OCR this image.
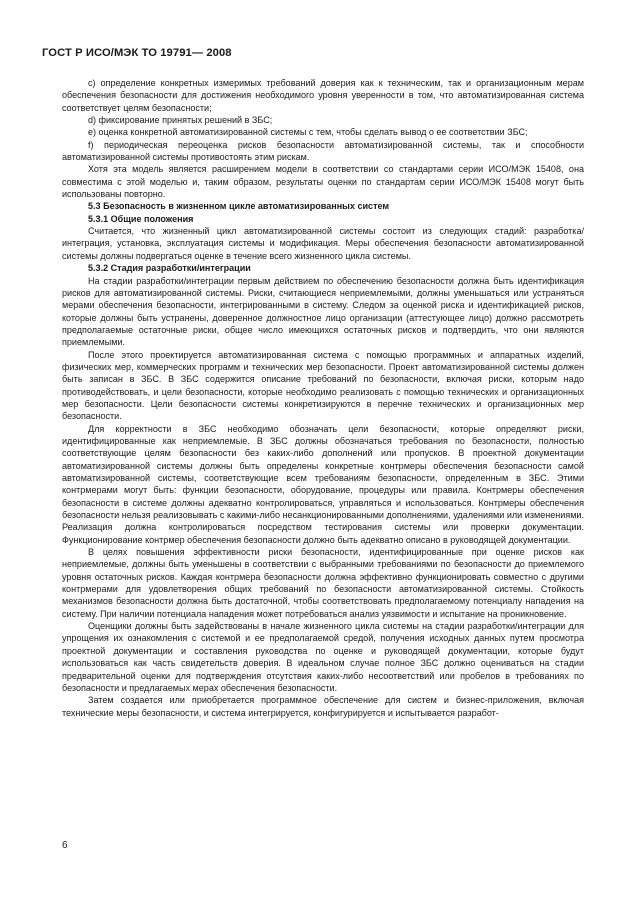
ГОСТ Р ИСО/МЭК ТО 19791— 2008

c) определение конкретных измеримых требований доверия как к техническим, так и организационным мерам обеспечения безопасности для достижения необходимого уровня уверенности в том, что автоматизированная система соответствует целям безопасности;

d) фиксирование принятых решений в ЗБС;

e) оценка конкретной автоматизированной системы с тем, чтобы сделать вывод о ее соответствии ЗБС;

f) периодическая переоценка рисков безопасности автоматизированной системы, так и способности автоматизированной системы противостоять этим рискам.

Хотя эта модель является расширением модели в соответствии со стандартами серии ИСО/МЭК 15408, она совместима с этой моделью и, таким образом, результаты оценки по стандартам серии ИСО/МЭК 15408 могут быть использованы повторно.

5.3 Безопасность в жизненном цикле автоматизированных систем

5.3.1 Общие положения

Считается, что жизненный цикл автоматизированной системы состоит из следующих стадий: разработка/интеграция, установка, эксплуатация системы и модификация. Меры обеспечения безопасности автоматизированной системы должны подвергаться оценке в течение всего жизненного цикла системы.

5.3.2 Стадия разработки/интеграции

На стадии разработки/интеграции первым действием по обеспечению безопасности должна быть идентификация рисков для автоматизированной системы. Риски, считающиеся неприемлемыми, должны уменьшаться или устраняться мерами обеспечения безопасности, интегрированными в систему. Следом за оценкой риска и идентификацией рисков, которые должны быть устранены, доверенное должностное лицо организации (аттестующее лицо) должно рассмотреть предполагаемые остаточные риски, общее число имеющихся остаточных рисков и подтвердить, что они являются приемлемыми.

После этого проектируется автоматизированная система с помощью программных и аппаратных изделий, физических мер, коммерческих программ и технических мер безопасности. Проект автоматизированной системы должен быть записан в ЗБС. В ЗБС содержится описание требований по безопасности, включая риски, которым надо противодействовать, и цели безопасности, которые необходимо реализовать с помощью технических и организационных мер безопасности. Цели безопасности системы конкретизируются в перечне технических и организационных мер безопасности.

Для корректности в ЗБС необходимо обозначать цели безопасности, которые определяют риски, идентифицированные как неприемлемые. В ЗБС должны обозначаться требования по безопасности, полностью соответствующие целям безопасности без каких-либо дополнений или пропусков. В проектной документации автоматизированной системы должны быть определены конкретные контрмеры обеспечения безопасности самой автоматизированной системы, соответствующие всем требованиям безопасности, определенным в ЗБС. Этими контрмерами могут быть: функции безопасности, оборудование, процедуры или правила. Контрмеры обеспечения безопасности в системе должны адекватно контролироваться, управляться и использоваться. Контрмеры обеспечения безопасности нельзя реализовывать с какими-либо несанкционированными дополнениями, удалениями или изменениями. Реализация должна контролироваться посредством тестирования системы или проверки документации. Функционирование контрмер обеспечения безопасности должно быть адекватно описано в руководящей документации.

В целях повышения эффективности риски безопасности, идентифицированные при оценке рисков как неприемлемые, должны быть уменьшены в соответствии с выбранными требованиями по безопасности до приемлемого уровня остаточных рисков. Каждая контрмера безопасности должна эффективно функционировать совместно с другими контрмерами для удовлетворения общих требований по безопасности автоматизированной системы. Стойкость механизмов безопасности должна быть достаточной, чтобы соответствовать предполагаемому потенциалу нападения на систему. При наличии потенциала нападения может потребоваться анализ уязвимости и испытание на проникновение.

Оценщики должны быть задействованы в начале жизненного цикла системы на стадии разработки/интеграции для упрощения их ознакомления с системой и ее предполагаемой средой, получения исходных данных путем просмотра проектной документации и составления руководства по оценке и руководящей документации, которые будут использоваться как часть свидетельств доверия. В идеальном случае полное ЗБС должно оцениваться на стадии предварительной оценки для подтверждения отсутствия каких-либо несоответствий или пробелов в требованиях по безопасности и предлагаемых мерах обеспечения безопасности.

Затем создается или приобретается программное обеспечение для систем и бизнес-приложения, включая технические меры безопасности, и система интегрируется, конфигурируется и испытывается разработ-

6
